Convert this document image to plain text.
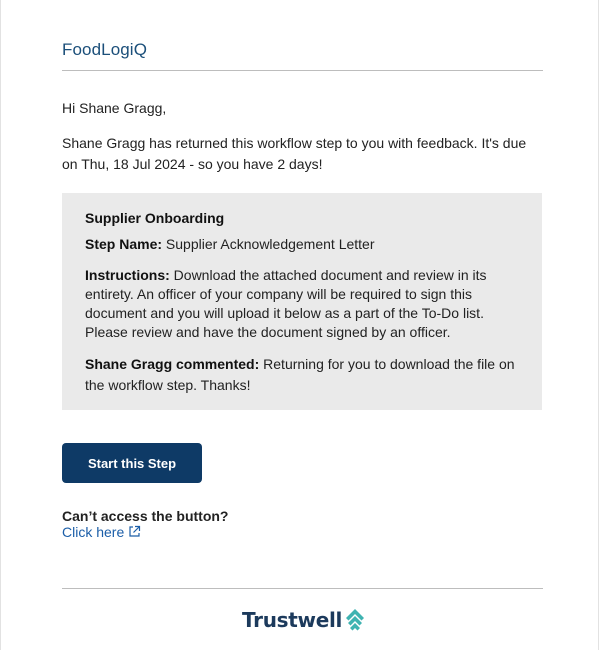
FoodLogiQ
Hi Shane Gragg,
Shane Gragg has returned this workflow step to you with feedback. It's due on Thu, 18 Jul 2024 - so you have 2 days!
Supplier Onboarding
Step Name: Supplier Acknowledgement Letter
Instructions: Download the attached document and review in its entirety. An officer of your company will be required to sign this document and you will upload it below as a part of the To-Do list. Please review and have the document signed by an officer.
Shane Gragg commented: Returning for you to download the file on the workflow step. Thanks!
Start this Step
Can’t access the button?
Click here
Trustwell
